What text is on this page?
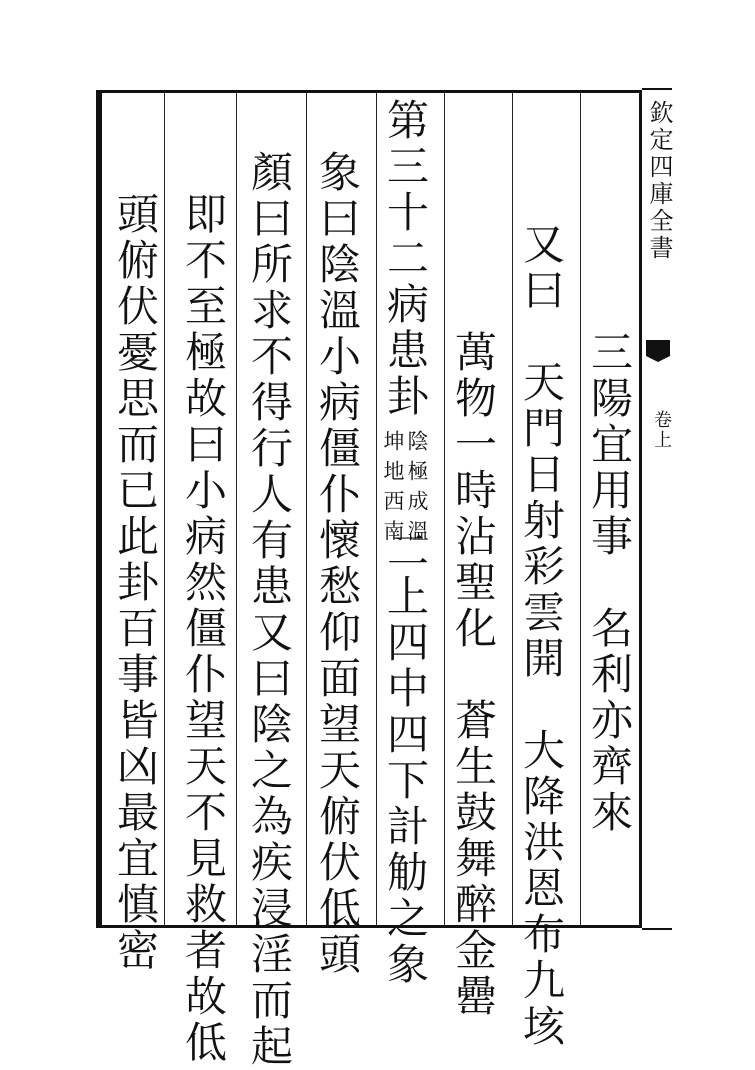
欽定四庫全書
卷上
三陽宜用事　名利亦齊來
又曰　天門日射彩雲開　大降洪恩布九垓
萬物一時沾聖化　蒼生鼓舞醉金罍
第三十二病患卦
陰極成溫
坤地西南
二上四中四下計觔之象
象曰陰溫小病僵仆懷愁仰面望天俯伏低頭
顏曰所求不得行人有患又曰陰之為疾浸淫而起
即不至極故曰小病然僵仆望天不見救者故低
頭俯伏憂思而已此卦百事皆凶最宜慎密
